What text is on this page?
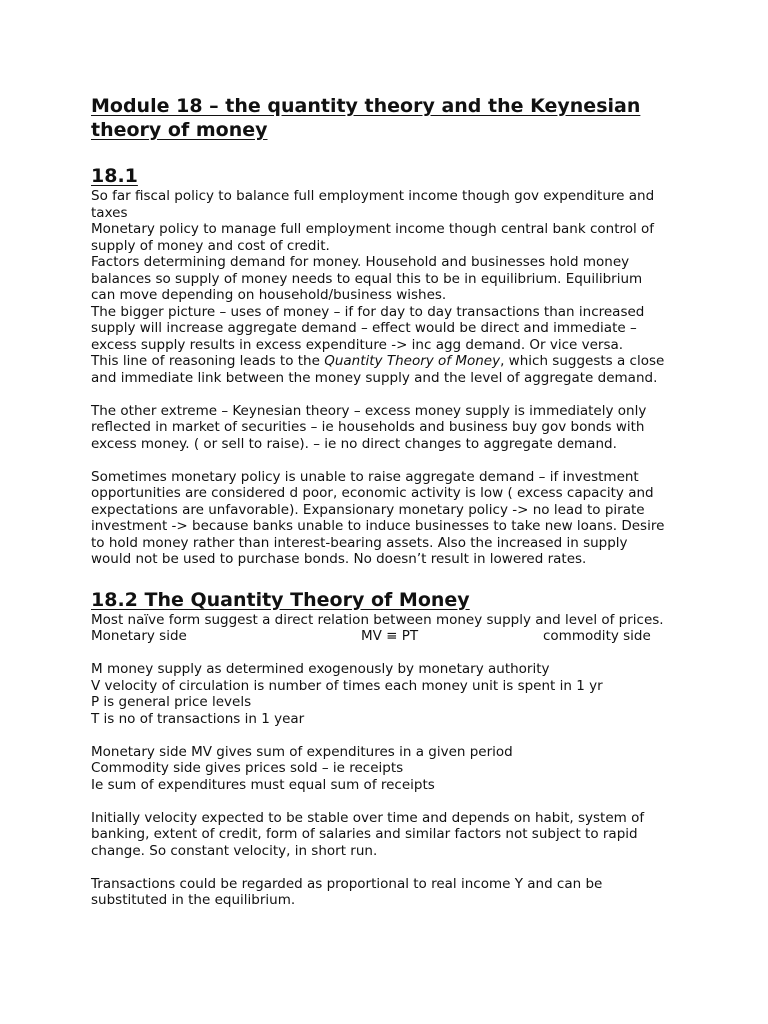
Module 18 – the quantity theory and the Keynesian
theory of money
18.1
So far fiscal policy to balance full employment income though gov expenditure and
taxes
Monetary policy to manage full employment income though central bank control of
supply of money and cost of credit.
Factors determining demand for money. Household and businesses hold money
balances so supply of money needs to equal this to be in equilibrium. Equilibrium
can move depending on household/business wishes.
The bigger picture – uses of money – if for day to day transactions than increased
supply will increase aggregate demand – effect would be direct and immediate –
excess supply results in excess expenditure -> inc agg demand. Or vice versa.
This line of reasoning leads to the Quantity Theory of Money, which suggests a close
and immediate link between the money supply and the level of aggregate demand.
The other extreme – Keynesian theory – excess money supply is immediately only
reflected in market of securities – ie households and business buy gov bonds with
excess money. ( or sell to raise). – ie no direct changes to aggregate demand.
Sometimes monetary policy is unable to raise aggregate demand – if investment
opportunities are considered d poor, economic activity is low ( excess capacity and
expectations are unfavorable). Expansionary monetary policy -> no lead to pirate
investment -> because banks unable to induce businesses to take new loans. Desire
to hold money rather than interest-bearing assets. Also the increased in supply
would not be used to purchase bonds. No doesn’t result in lowered rates.
18.2 The Quantity Theory of Money
Most naïve form suggest a direct relation between money supply and level of prices.
Monetary side	MV ≡ PT	commodity side
M money supply as determined exogenously by monetary authority
V velocity of circulation is number of times each money unit is spent in 1 yr
P is general price levels
T is no of transactions in 1 year
Monetary side MV gives sum of expenditures in a given period
Commodity side gives prices sold – ie receipts
Ie sum of expenditures must equal sum of receipts
Initially velocity expected to be stable over time and depends on habit, system of
banking, extent of credit, form of salaries and similar factors not subject to rapid
change. So constant velocity, in short run.
Transactions could be regarded as proportional to real income Y and can be
substituted in the equilibrium.
